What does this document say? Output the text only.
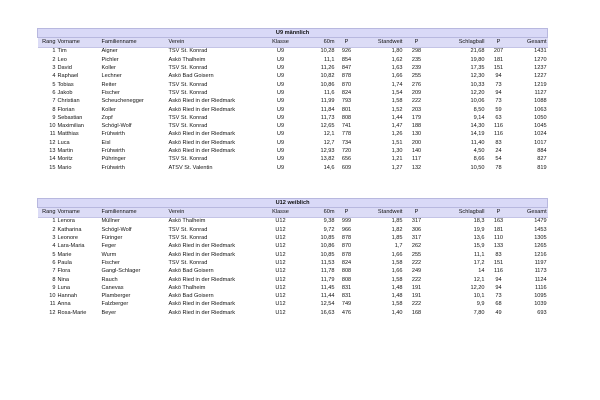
U9 männlich											
Rang	Vorname	Familienname	Verein	Klasse	60m	P	Standweit	P	Schlagball	P	Gesamt
1	Tim	Aigner	TSV St. Konrad	U9	10,28	926	1,80	298	21,68	207	1431
2	Leo	Pichler	Askö Thalheim	U9	11,1	854	1,62	235	19,80	181	1270
3	David	Koller	TSV St. Konrad	U9	11,26	847	1,63	239	17,35	151	1237
4	Raphael	Lechner	Askö Bad Goisern	U9	10,82	878	1,66	255	12,30	94	1227
5	Tobias	Reiter	TSV St. Konrad	U9	10,86	870	1,74	276	10,33	73	1219
6	Jakob	Fischer	TSV St. Konrad	U9	11,6	824	1,54	209	12,20	94	1127
7	Christian	Scheuchenegger	Askö Ried in der Riedmark	U9	11,99	793	1,58	222	10,06	73	1088
8	Florian	Koller	Askö Ried in der Riedmark	U9	11,84	801	1,52	203	8,50	59	1063
9	Sebastian	Zopf	TSV St. Konrad	U9	11,73	808	1,44	179	9,14	63	1050
10	Maximilian	Schögl-Wolf	TSV St. Konrad	U9	12,65	741	1,47	188	14,30	116	1045
11	Matthias	Frühwirth	Askö Ried in der Riedmark	U9	12,1	778	1,26	130	14,19	116	1024
12	Luca	Eisl	Askö Ried in der Riedmark	U9	12,7	734	1,51	200	11,40	83	1017
13	Martin	Frühwirth	Askö Ried in der Riedmark	U9	12,93	720	1,30	140	4,50	24	884
14	Moritz	Pühringer	TSV St. Konrad	U9	13,82	656	1,21	117	8,66	54	827
15	Mario	Frühwirth	ATSV St. Valentin	U9	14,6	609	1,27	132	10,50	78	819
U12 weiblich											
Rang	Vorname	Familienname	Verein	Klasse	60m	P	Standweit	P	Schlagball	P	Gesamt
1	Lenora	Müllner	Askö Thalheim	U12	9,38	999	1,85	317	18,3	163	1479
2	Katharina	Schögl-Wolf	TSV St. Konrad	U12	9,72	966	1,82	306	19,9	181	1453
3	Leonore	Füringer	TSV St. Konrad	U12	10,85	878	1,85	317	13,6	110	1305
4	Lara-Maria	Feger	Askö Ried in der Riedmark	U12	10,86	870	1,7	262	15,9	133	1265
5	Marie	Wurm	Askö Ried in der Riedmark	U12	10,85	878	1,66	255	11,1	83	1216
6	Paula	Fischer	TSV St. Konrad	U12	11,53	824	1,58	222	17,2	151	1197
7	Flora	Gangl-Schlager	Askö Bad Goisern	U12	11,78	808	1,66	249	14	116	1173
8	Nina	Rauch	Askö Ried in der Riedmark	U12	11,79	808	1,58	222	12,1	94	1124
9	Luna	Canevas	Askö Thalheim	U12	11,45	831	1,48	191	12,20	94	1116
10	Hannah	Plamberger	Askö Bad Goisern	U12	11,44	831	1,48	191	10,1	73	1095
11	Anna	Falzberger	Askö Ried in der Riedmark	U12	12,54	749	1,58	222	9,9	68	1039
12	Rosa-Marie	Beyer	Askö Ried in der Riedmark	U12	16,63	476	1,40	168	7,80	49	693
